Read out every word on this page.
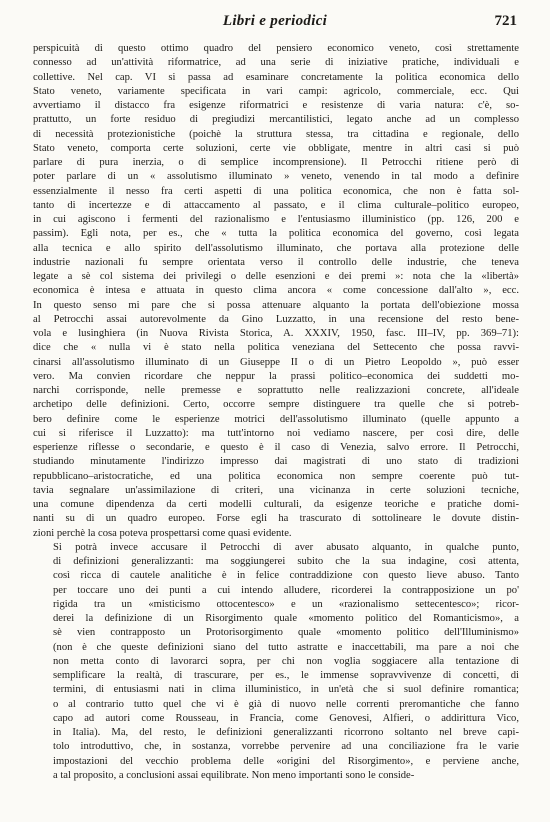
Libri e periodici	721

perspicuità di questo ottimo quadro del pensiero economico veneto, così strettamente
connesso ad un'attività riformatrice, ad una serie di iniziative pratiche, individuali e
collettive. Nel cap. VI si passa ad esaminare concretamente la politica economica dello
Stato veneto, variamente specificata in vari campi: agricolo, commerciale, ecc. Qui
avvertiamo il distacco fra esigenze riformatrici e resistenze di varia natura: c'è, so-
prattutto, un forte residuo di pregiudizi mercantilistici, legato anche ad un complesso
di necessità protezionistiche (poichè la struttura stessa, tra cittadina e regionale, dello
Stato veneto, comporta certe soluzioni, certe vie obbligate, mentre in altri casi si può
parlare di pura inerzia, o di semplice incomprensione). Il Petrocchi ritiene però di
poter parlare di un « assolutismo illuminato » veneto, venendo in tal modo a definire
essenzialmente il nesso fra certi aspetti di una politica economica, che non è fatta sol-
tanto di incertezze e di attaccamento al passato, e il clima culturale–politico europeo,
in cui agiscono i fermenti del razionalismo e l'entusiasmo illuministico (pp. 126, 200 e
passim). Egli nota, per es., che « tutta la politica economica del governo, così legata
alla tecnica e allo spirito dell'assolutismo illuminato, che portava alla protezione delle
industrie nazionali fu sempre orientata verso il controllo delle industrie, che teneva
legate a sè col sistema dei privilegi o delle esenzioni e dei premi »: nota che la «libertà»
economica è intesa e attuata in questo clima ancora « come concessione dall'alto », ecc.
In questo senso mi pare che si possa attenuare alquanto la portata dell'obiezione mossa
al Petrocchi assai autorevolmente da Gino Luzzatto, in una recensione del resto bene-
vola e lusinghiera (in Nuova Rivista Storica, A. XXXIV, 1950, fasc. III–IV, pp. 369–71):
dice che « nulla vi è stato nella politica veneziana del Settecento che possa ravvi-
cinarsi all'assolutismo illuminato di un Giuseppe II o di un Pietro Leopoldo », può esser
vero. Ma convien ricordare che neppur la prassi politico–economica dei suddetti mo-
narchi corrisponde, nelle premesse e soprattutto nelle realizzazioni concrete, all'ideale
archetipo delle definizioni. Certo, occorre sempre distinguere tra quelle che si potreb-
bero definire come le esperienze motrici dell'assolutismo illuminato (quelle appunto a
cui si riferisce il Luzzatto): ma tutt'intorno noi vediamo nascere, per così dire, delle
esperienze riflesse o secondarie, e questo è il caso di Venezia, salvo errore. Il Petrocchi,
studiando minutamente l'indirizzo impresso dai magistrati di uno stato di tradizioni
repubblicano–aristocratiche, ed una politica economica non sempre coerente può tut-
tavia segnalare un'assimilazione di criteri, una vicinanza in certe soluzioni tecniche,
una comune dipendenza da certi modelli culturali, da esigenze teoriche e pratiche domi-
nanti su di un quadro europeo. Forse egli ha trascurato di sottolineare le dovute distin-
zioni perchè la cosa poteva prospettarsi come quasi evidente.

Si potrà invece accusare il Petrocchi di aver abusato alquanto, in qualche punto,
di definizioni generalizzanti: ma soggiungerei subito che la sua indagine, così attenta,
così ricca di cautele analitiche è in felice contraddizione con questo lieve abuso. Tanto
per toccare uno dei punti a cui intendo alludere, ricorderei la contrapposizione un po'
rigida tra un «misticismo ottocentesco» e un «razionalismo settecentesco»; ricor-
derei la definizione di un Risorgimento quale «momento politico del Romanticismo», a
sè vien contrapposto un Protorisorgimento quale «momento politico dell'Illuminismo»
(non è che queste definizioni siano del tutto astratte e inaccettabili, ma pare a noi che
non metta conto di lavorarci sopra, per chi non voglia soggiacere alla tentazione di
semplificare la realtà, di trascurare, per es., le immense sopravvivenze di concetti, di
termini, di entusiasmi nati in clima illuministico, in un'età che si suol definire romantica;
o al contrario tutto quel che vi è già di nuovo nelle correnti preromantiche che fanno
capo ad autori come Rousseau, in Francia, come Genovesi, Alfieri, o addirittura Vico,
in Italia). Ma, del resto, le definizioni generalizzanti ricorrono soltanto nel breve capi-
tolo introduttivo, che, in sostanza, vorrebbe pervenire ad una conciliazione fra le varie
impostazioni del vecchio problema delle «origini del Risorgimento», e perviene anche,
a tal proposito, a conclusioni assai equilibrate. Non meno importanti sono le conside-
